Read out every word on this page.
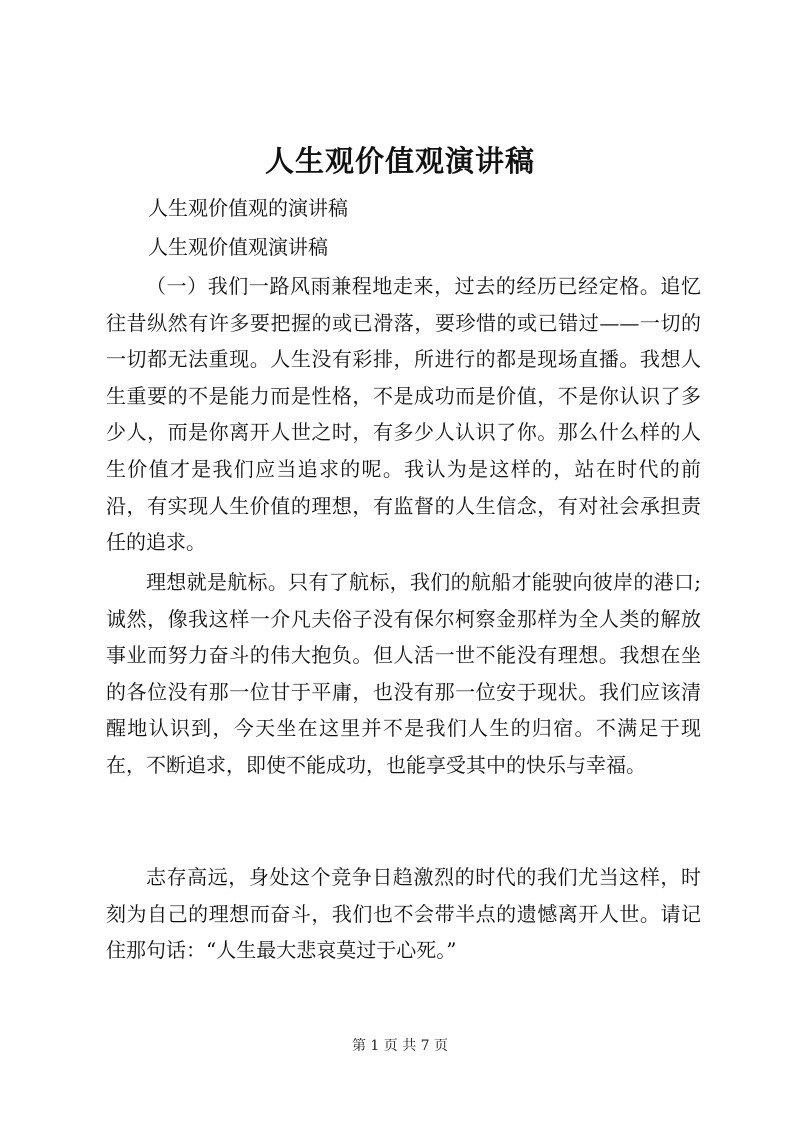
人生观价值观演讲稿
人生观价值观的演讲稿
人生观价值观演讲稿

（一）我们一路风雨兼程地走来，过去的经历已经定格。追忆往昔纵然有许多要把握的或已滑落，要珍惜的或已错过——一切的一切都无法重现。人生没有彩排，所进行的都是现场直播。我想人生重要的不是能力而是性格，不是成功而是价值，不是你认识了多少人，而是你离开人世之时，有多少人认识了你。那么什么样的人生价值才是我们应当追求的呢。我认为是这样的，站在时代的前沿，有实现人生价值的理想，有监督的人生信念，有对社会承担责任的追求。

理想就是航标。只有了航标，我们的航船才能驶向彼岸的港口;诚然，像我这样一介凡夫俗子没有保尔柯察金那样为全人类的解放事业而努力奋斗的伟大抱负。但人活一世不能没有理想。我想在坐的各位没有那一位甘于平庸，也没有那一位安于现状。我们应该清醒地认识到，今天坐在这里并不是我们人生的归宿。不满足于现在，不断追求，即使不能成功，也能享受其中的快乐与幸福。

志存高远，身处这个竞争日趋激烈的时代的我们尤当这样，时刻为自己的理想而奋斗，我们也不会带半点的遗憾离开人世。请记住那句话：“人生最大悲哀莫过于心死。”

第 1 页 共 7 页
